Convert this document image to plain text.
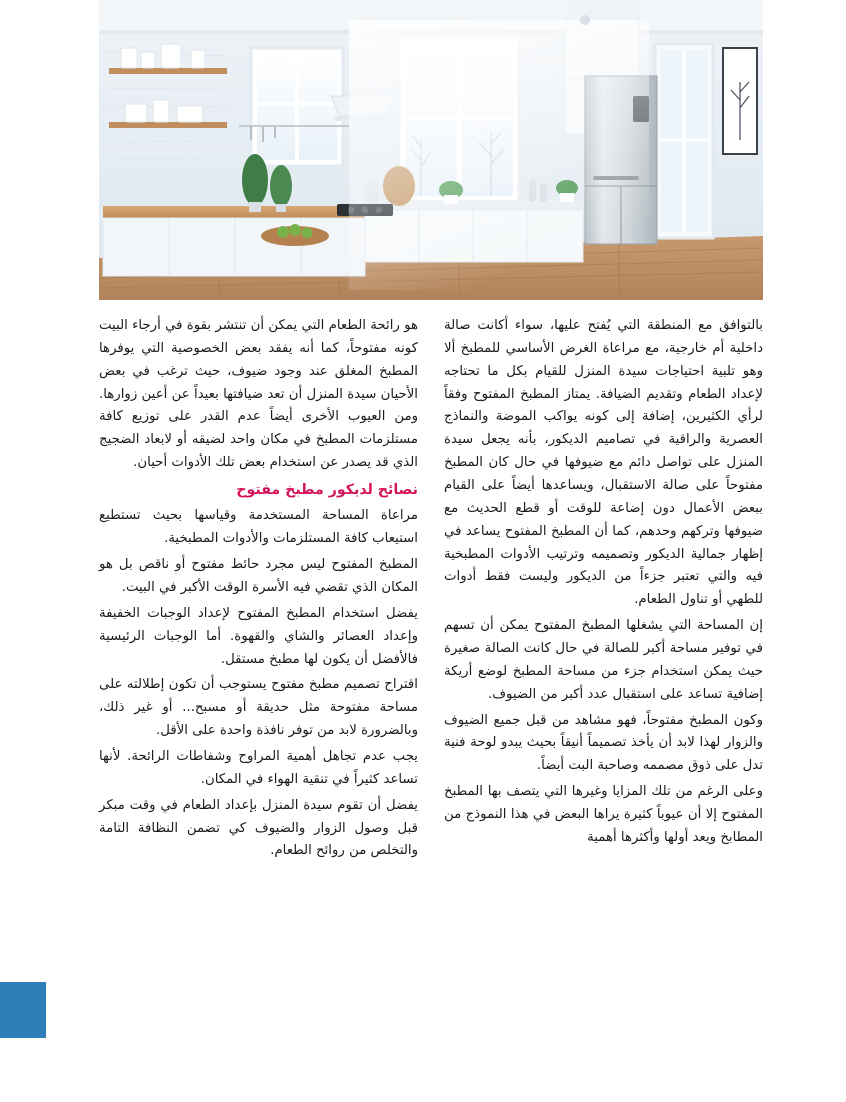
بالتوافق مع المنطقة التي يُفتح عليها، سواء أكانت صالة داخلية أم خارجية، مع مراعاة الغرض الأساسي للمطبخ ألا وهو تلبية احتياجات سيدة المنزل للقيام بكل ما تحتاجه لإعداد الطعام وتقديم الضيافة. يمتاز المطبخ المفتوح وفقاً لرأي الكثيرين، إضافة إلى كونه يواكب الموضة والنماذج العصرية والراقية في تصاميم الديكور، بأنه يجعل سيدة المنزل على تواصل دائم مع ضيوفها في حال كان المطبخ مفتوحاً على صالة الاستقبال، ويساعدها أيضاً على القيام ببعض الأعمال دون إضاعة للوقت أو قطع الحديث مع ضيوفها وتركهم وحدهم، كما أن المطبخ المفتوح يساعد في إظهار جمالية الديكور وتصميمه وترتيب الأدوات المطبخية فيه والتي تعتبر جزءاً من الديكور وليست فقط أدوات للطهي أو تناول الطعام.

إن المساحة التي يشغلها المطبخ المفتوح يمكن أن تسهم في توفير مساحة أكبر للصالة في حال كانت الصالة صغيرة حيث يمكن استخدام جزء من مساحة المطبخ لوضع أريكة إضافية تساعد على استقبال عدد أكبر من الضيوف.

وكون المطبخ مفتوحاً، فهو مشاهد من قبل جميع الضيوف والزوار لهذا لابد أن يأخذ تصميماً أنيقاً بحيث يبدو لوحة فنية تدل على ذوق مصممه وصاحبة البت أيضاً.

وعلى الرغم من تلك المزايا وغيرها التي يتصف بها المطبخ المفتوح إلا أن عيوباً كثيرة يراها البعض في هذا النموذج من المطابخ ويعد أولها وأكثرها أهمية

هو رائحة الطعام التي يمكن أن تنتشر بقوة في أرجاء البيت كونه مفتوحاً، كما أنه يفقد بعض الخصوصية التي يوفرها المطبخ المغلق عند وجود ضيوف، حيث ترغب في بعض الأحيان سيدة المنزل أن تعد ضيافتها بعيداً عن أعين زوارها. ومن العيوب الأخرى أيضاً عدم القدر على توزيع كافة مستلزمات المطبخ في مكان واحد لضيقه أو لابعاد الضجيج الذي قد يصدر عن استخدام بعض تلك الأدوات أحيان.

نصائح لديكور مطبخ مفتوح

مراعاة المساحة المستخدمة وقياسها بحيث تستطيع استيعاب كافة المستلزمات والأدوات المطبخية.

المطبخ المفتوح ليس مجرد حائط مفتوح أو ناقص بل هو المكان الذي تقضي فيه الأسرة الوقت الأكبر في البيت.

يفضل استخدام المطبخ المفتوح لإعداد الوجبات الخفيفة وإعداد العصائر والشاي والقهوة. أما الوجبات الرئيسية فالأفضل أن يكون لها مطبخ مستقل.

اقتراح تصميم مطبخ مفتوح يستوجب أن تكون إطلالته على مساحة مفتوحة مثل حديقة أو مسبح... أو غير ذلك، وبالضرورة لابد من توفر نافذة واحدة على الأقل.

يجب عدم تجاهل أهمية المراوح وشفاطات الرائحة. لأنها تساعد كثيراً في تنقية الهواء في المكان.

يفضل أن تقوم سيدة المنزل بإعداد الطعام في وقت مبكر قبل وصول الزوار والضيوف كي تضمن النظافة التامة والتخلص من روائح الطعام.
